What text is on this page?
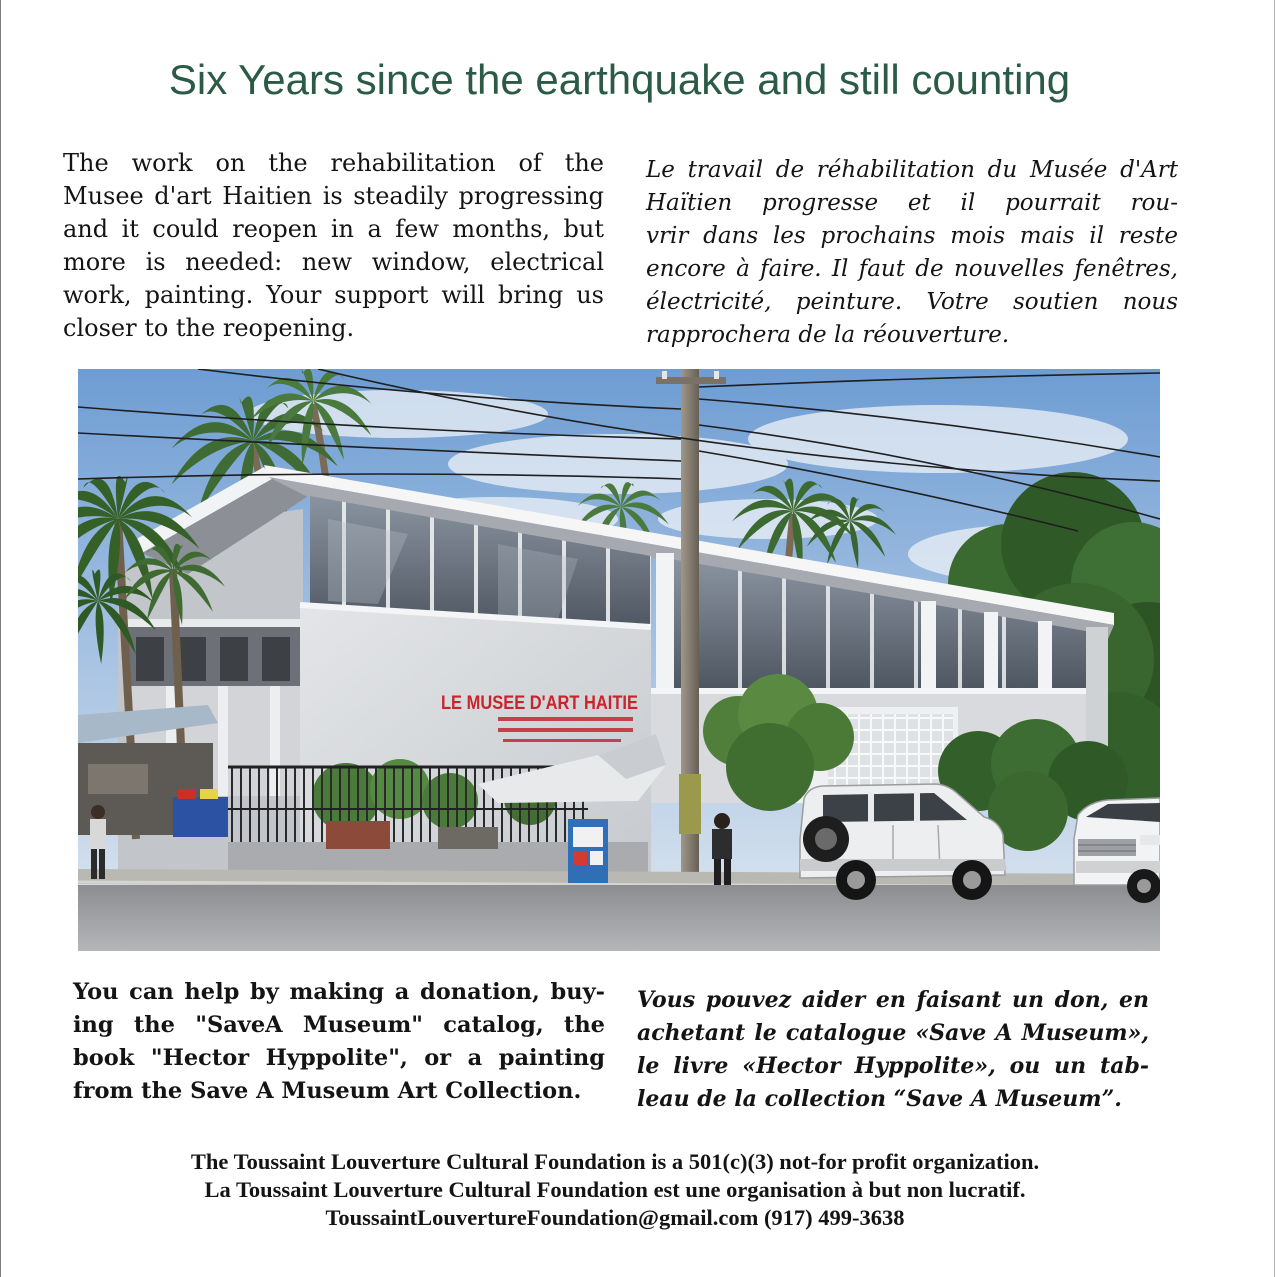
Six Years since the earthquake and still counting
The work on the rehabilitation of the
Musee d'art Haitien is steadily progressing
and it could reopen in a few months, but
more is needed: new window, electrical
work, painting. Your support will bring us
closer to the reopening.
Le travail de réhabilitation du Musée d'Art
Haïtien progresse et il pourrait rou-
vrir dans les prochains mois mais il reste
encore à faire. Il faut de nouvelles fenêtres,
électricité, peinture. Votre soutien nous
rapprochera de la réouverture.
LE MUSEE D'ART HAITIE
You can help by making a donation, buy-
ing the "SaveA Museum" catalog, the
book "Hector Hyppolite", or a painting
from the Save A Museum Art Collection.
Vous pouvez aider en faisant un don, en
achetant le catalogue «Save A Museum»,
le livre «Hector Hyppolite», ou un tab-
leau de la collection “Save A Museum”.
The Toussaint Louverture Cultural Foundation is a 501(c)(3) not-for profit organization.
La Toussaint Louverture Cultural Foundation est une organisation à but non lucratif.
ToussaintLouvertureFoundation@gmail.com (917) 499-3638
